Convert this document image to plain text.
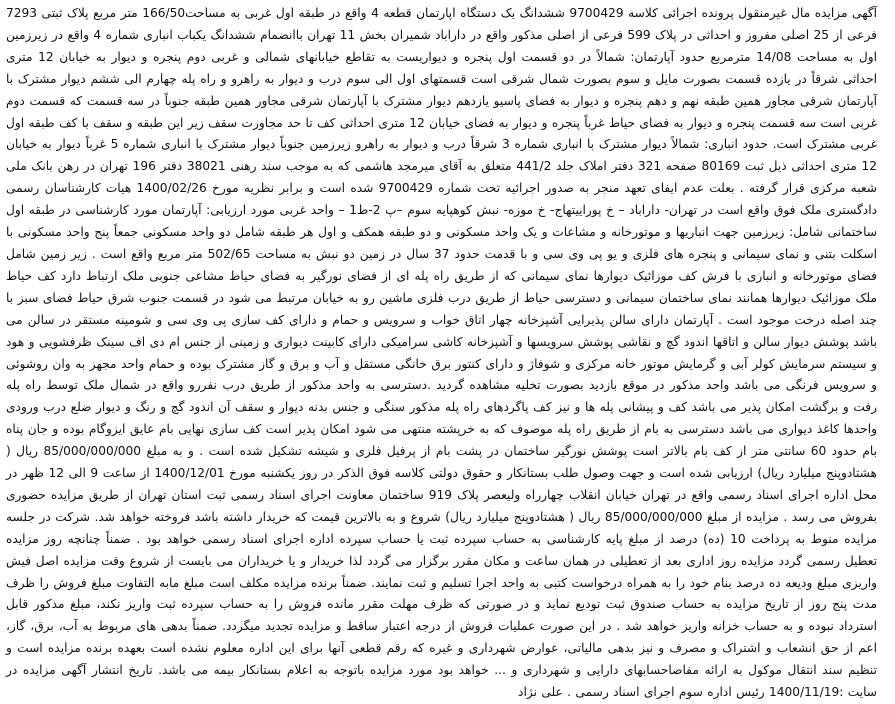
آگهی مزایده مال غیرمنقول پرونده اجرائی کلاسه 9700429 ششدانگ یک دستگاه اپارتمان قطعه 4 واقع در طبقه اول غربی به مساحت166/50 متر مربع پلاک ثبتی 7293 فرعی از 25 اصلی مفروز و احداثی در پلاک 599 فرعی از اصلی مذکور واقع در داراباد شمیران بخش 11 تهران باانضمام ششدانگ یکباب انباری شماره 4 واقع در زیرزمین اول به مساحت 14/08 مترمربع حدود آپارتمان: شمالاً در دو قسمت اول پنجره و دیواریست به تقاطع خیابانهای شمالی و غربی دوم پنجره و دیوار به خیابان 12 متری احداثی شرقاً در یازده قسمت بصورت مایل و سوم بصورت شمال شرقی است قسمتهای اول الی سوم درب و دیوار به راهرو و راه پله چهارم الی ششم دیوار مشترک با آپارتمان شرقی مجاور همین طبقه نهم و دهم پنجره و دیوار به فضای پاسیو یازدهم دیوار مشترک با آپارتمان شرقی مجاور همین طبقه جنوباً در سه قسمت که قسمت دوم غربی است سه قسمت پنجره و دیوار به فضای حیاط غرباً پنجره و دیوار به فضای خیابان 12 متری احداثی کف تا حد مجاورت سقف زیر این طبقه و سقف با کف طبقه اول غربی مشترک است. حدود انباری: شمالاً دیوار مشترک با انباری شماره 3 شرقاً درب و دیوار به راهرو زیرزمین جنوباً دیوار مشترک با انباری شماره 5 غرباً دیوار به خیابان 12 متری احداثی ذیل ثبت 80169 صفحه 321 دفتر املاک جلد 441/2 متعلق به آقای میرمجد هاشمی که به موجب سند رهنی 38021 دفتر 196 تهران در رهن بانک ملی شعبه مرکزی قرار گرفته . بعلت عدم ایفای تعهد منجر به صدور اجرائیه تحت شماره 9700429 شده است و برابر نظریه مورخ 1400/02/26 هیات کارشناسان رسمی دادگستری ملک فوق واقع است در تهران- داراباد – خ پوراییتهاج- خ موزه- نبش کوهپایه سوم –پ 2-ط1 – واحد غربی مورد ارزیابی: آپارتمان مورد کارشناسی در طبقه اول ساختمانی شامل: زیرزمین جهت انباریها و موتورخانه و مشاعات و یک واحد مسکونی و دو طبقه همکف و اول هر طبقه شامل دو واحد مسکونی جمعاً پنج واحد مسکونی با اسکلت بتنی و نمای سیمانی و پنجره های فلزی و یو پی وی سی و با قدمت حدود 37 سال در زمین دو نبش به مساحت 502/65 متر مربع واقع است . زیر زمین شامل فضای موتورخانه و انباری با فرش کف موزائیک دیوارها نمای سیمانی که از طریق راه پله ای از فضای نورگیر به فضای حیاط مشاعی جنوبی ملک ارتباط دارد کف حیاط ملک موزائیک دیوارها همانند نمای ساختمان سیمانی و دسترسی حیاط از طریق درب فلزی ماشین رو به خیابان مرتبط می شود در قسمت جنوب شرق حیاط فضای سبز با چند اصله درخت موجود است . آپارتمان دارای سالن پذیرایی آشپزخانه چهار اتاق خواب و سرویس و حمام و دارای کف سازی پی وی سی و شومینه مستقر در سالن می باشد پوشش دیوار سالن و اتاقها اندود گچ و نقاشی پوشش سرویسها و آشپزخانه کاشی سرامیکی دارای کابینت دیواری و زمینی از جنس ام دی اف سینک ظرفشویی و هود و سیستم سرمایش کولر آبی و گرمایش موتور خانه مرکزی و شوفاژ و دارای کنتور برق خانگی مستقل و آب و برق و گاز مشترک بوده و حمام واحد مجهز به وان روشوئی و سرویس فرنگی می باشد واحد مذکور در موقع بازدید بصورت تخلیه مشاهده گردید .دسترسی به واحد مذکور از طریق درب نفررو واقع در شمال ملک توسط راه پله رفت و برگشت امکان پذیر می باشد کف و پیشانی پله ها و نیز کف پاگردهای راه پله مذکور سنگی و جنس بدنه دیوار و سقف آن اندود گچ و رنگ و دیوار ضلع درب ورودی واحدها کاغذ دیواری می باشد دسترسی به بام از طریق راه پله موصوف که به خرپشته منتهی می شود امکان پذیر است کف سازی نهایی بام عایق ایزوگام بوده و جان پناه بام حدود 60 سانتی متر از کف بام بالاتر است پوشش نورگیر ساختمان در پشت بام از پرفیل فلزی و شیشه تشکیل شده است . و به مبلغ 85/000/000/000 ریال ( هشتادوپنج میلیارد ریال) ارزیابی شده است و جهت وصول طلب بستانکار و حقوق دولتی کلاسه فوق الذکر در روز یکشنبه مورخ 1400/12/01 از ساعت 9 الی 12 ظهر در محل اداره اجرای اسناد رسمی واقع در تهران خیابان انقلاب چهارراه ولیعصر پلاک 919 ساختمان معاونت اجرای اسناد رسمی ثبت استان تهران از طریق مزایده حضوری بفروش می رسد . مزایده از مبلغ 85/000/000/000 ریال ( هشتادوپنج میلیارد ریال) شروع و به بالاترین قیمت که خریدار داشته باشد فروخته خواهد شد. شرکت در جلسه مزایده منوط به پرداخت 10 (ده) درصد از مبلغ پایه کارشناسی به حساب سپرده ثبت یا حساب سپرده اداره اجرای اسناد رسمی خواهد بود . ضمناً چنانچه روز مزایده تعطیل رسمی گردد مزایده روز اداری بعد از تعطیلی در همان ساعت و مکان مقرر برگزار می گردد لذا خریدار و یا خریداران می بایست از شروع وقت مزایده اصل فیش واریزی مبلغ ودیعه ده درصد بنام خود را به همراه درخواست کتبی به واحد اجرا تسلیم و ثبت نمایند. ضمناً برنده مزایده مکلف است مبلغ مابه التفاوت مبلغ فروش را ظرف مدت پنج روز از تاریخ مزایده به حساب صندوق ثبت تودیع نماید و در صورتی که ظرف مهلت مقرر مانده فروش را به حساب سپرده ثبت واریز نکند، مبلغ مذکور قابل استرداد نبوده و به حساب خزانه واریز خواهد شد . در این صورت عملیات فروش از درجه اعتبار ساقط و مزایده تجدید میگردد. ضمناً بدهی های مربوط به آب، برق، گاز، اعم از حق انشعاب و اشتراک و مصرف و نیز بدهی مالیاتی، عوارض شهرداری و غیره که رقم قطعی آنها برای این اداره معلوم نشده است بعهده برنده مزایده است و تنظیم سند انتقال موکول به ارائه مفاصاحسابهای دارایی و شهرداری و ... خواهد بود مورد مزایده باتوجه به اعلام بستانکار بیمه می باشد. تاریخ انتشار آگهی مزایده در سایت :1400/11/19 رئیس اداره سوم اجرای اسناد رسمی . علی نژاد
